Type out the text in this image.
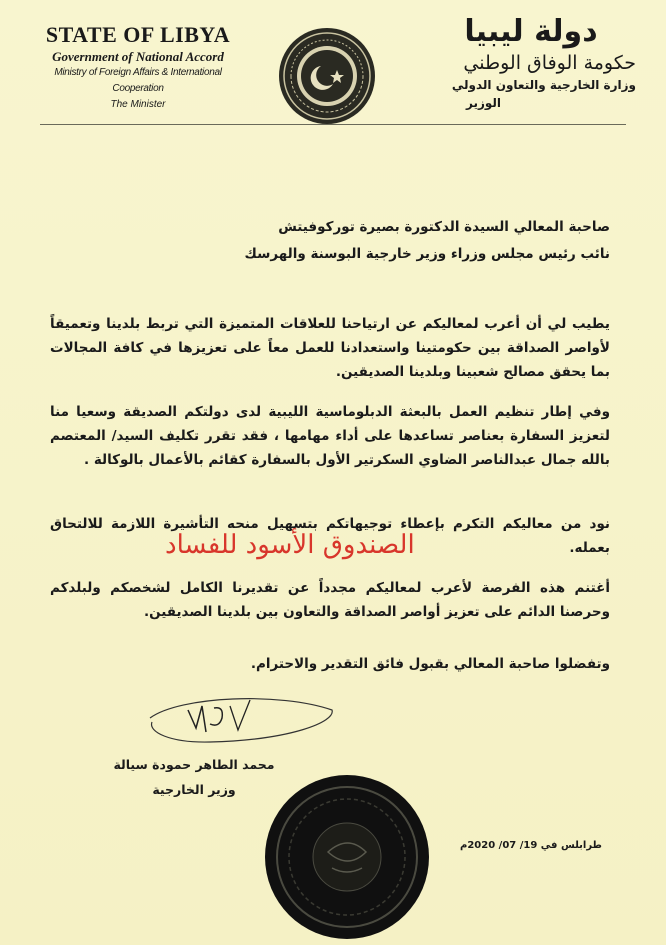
STATE OF LIBYA
Government of National Accord
Ministry of Foreign Affairs & International Cooperation
The Minister
دولة ليبيا
حكومة الوفاق الوطني
وزارة الخارجية والتعاون الدولي
الوزير
صاحبة المعالي السيدة الدكتورة بصيرة توركوفيتش
نائب رئيس مجلس وزراء وزير خارجية البوسنة والهرسك
يطيب لي أن أعرب لمعاليكم عن ارتياحنا للعلاقات المتميزة التي تربط بلدينا وتعميقاً لأواصر الصداقة بين حكومتينا واستعدادنا للعمل معاً على تعزيزها في كافة المجالات بما يحقق مصالح شعبينا وبلدينا الصديقين.
وفي إطار تنظيم العمل بالبعثة الدبلوماسية الليبية لدى دولتكم الصديقة وسعيا منا لتعزيز السفارة بعناصر تساعدها على أداء مهامها ، فقد تقرر تكليف السيد/ المعتصم بالله جمال عبدالناصر الضاوي السكرتير الأول بالسفارة كقائم بالأعمال بالوكالة .
نود من معاليكم التكرم بإعطاء توجيهاتكم بتسهيل منحه التأشيرة اللازمة للالتحاق بعمله.
أغتنم هذه الفرصة لأعرب لمعاليكم مجدداً عن تقديرنا الكامل لشخصكم ولبلدكم وحرصنا الدائم على تعزيز أواصر الصداقة والتعاون بين بلدينا الصديقين.
وتفضلوا صاحبة المعالي بقبول فائق التقدير والاحترام.
الصندوق الأسود للفساد
محمد الطاهر حمودة سيالة
وزير الخارجية
طرابلس في 19/ 07/ 2020م
